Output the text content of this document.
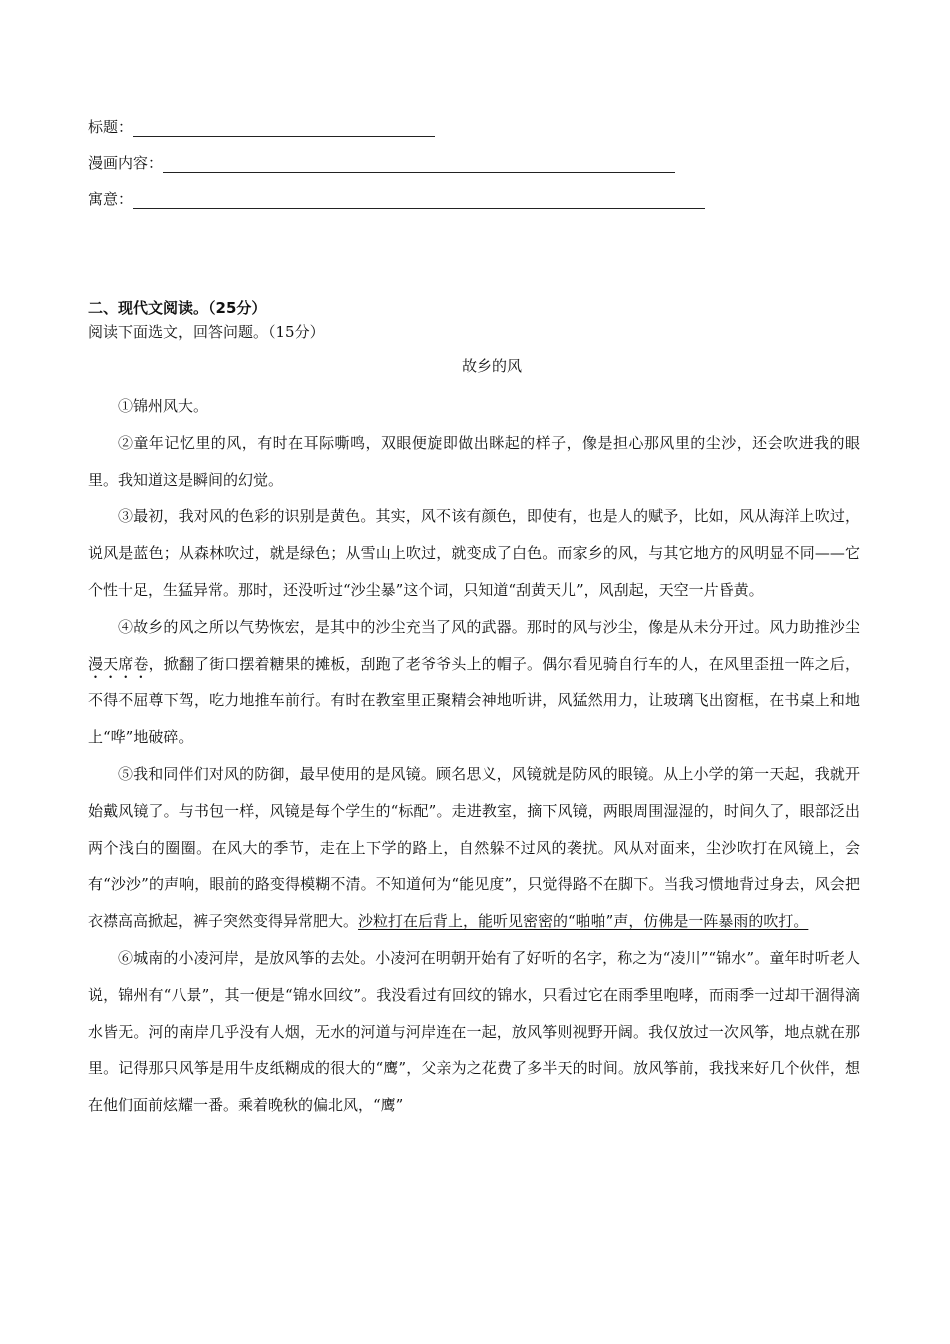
标题：
漫画内容：
寓意：
二、现代文阅读。（25分）
阅读下面选文，回答问题。（15分）
故乡的风

①锦州风大。

②童年记忆里的风，有时在耳际嘶鸣，双眼便旋即做出眯起的样子，像是担心那风里的尘沙，还会吹进我的眼里。我知道这是瞬间的幻觉。

③最初，我对风的色彩的识别是黄色。其实，风不该有颜色，即使有，也是人的赋予，比如，风从海洋上吹过，说风是蓝色；从森林吹过，就是绿色；从雪山上吹过，就变成了白色。而家乡的风，与其它地方的风明显不同——它个性十足，生猛异常。那时，还没听过“沙尘暴”这个词，只知道“刮黄天儿”，风刮起，天空一片昏黄。

④故乡的风之所以气势恢宏，是其中的沙尘充当了风的武器。那时的风与沙尘，像是从未分开过。风力助推沙尘漫天席卷，掀翻了街口摆着糖果的摊板，刮跑了老爷爷头上的帽子。偶尔看见骑自行车的人，在风里歪扭一阵之后，不得不屈尊下驾，吃力地推车前行。有时在教室里正聚精会神地听讲，风猛然用力，让玻璃飞出窗框，在书桌上和地上“哗”地破碎。

⑤我和同伴们对风的防御，最早使用的是风镜。顾名思义，风镜就是防风的眼镜。从上小学的第一天起，我就开始戴风镜了。与书包一样，风镜是每个学生的“标配”。走进教室，摘下风镜，两眼周围湿湿的，时间久了，眼部泛出两个浅白的圈圈。在风大的季节，走在上下学的路上，自然躲不过风的袭扰。风从对面来，尘沙吹打在风镜上，会有“沙沙”的声响，眼前的路变得模糊不清。不知道何为“能见度”，只觉得路不在脚下。当我习惯地背过身去，风会把衣襟高高掀起，裤子突然变得异常肥大。沙粒打在后背上，能听见密密的“啪啪”声，仿佛是一阵暴雨的吹打。

⑥城南的小凌河岸，是放风筝的去处。小凌河在明朝开始有了好听的名字，称之为“凌川”“锦水”。童年时听老人说，锦州有“八景”，其一便是“锦水回纹”。我没看过有回纹的锦水，只看过它在雨季里咆哮，而雨季一过却干涸得滴水皆无。河的南岸几乎没有人烟，无水的河道与河岸连在一起，放风筝则视野开阔。我仅放过一次风筝，地点就在那里。记得那只风筝是用牛皮纸糊成的很大的“鹰”，父亲为之花费了多半天的时间。放风筝前，我找来好几个伙伴，想在他们面前炫耀一番。乘着晚秋的偏北风，“鹰”
